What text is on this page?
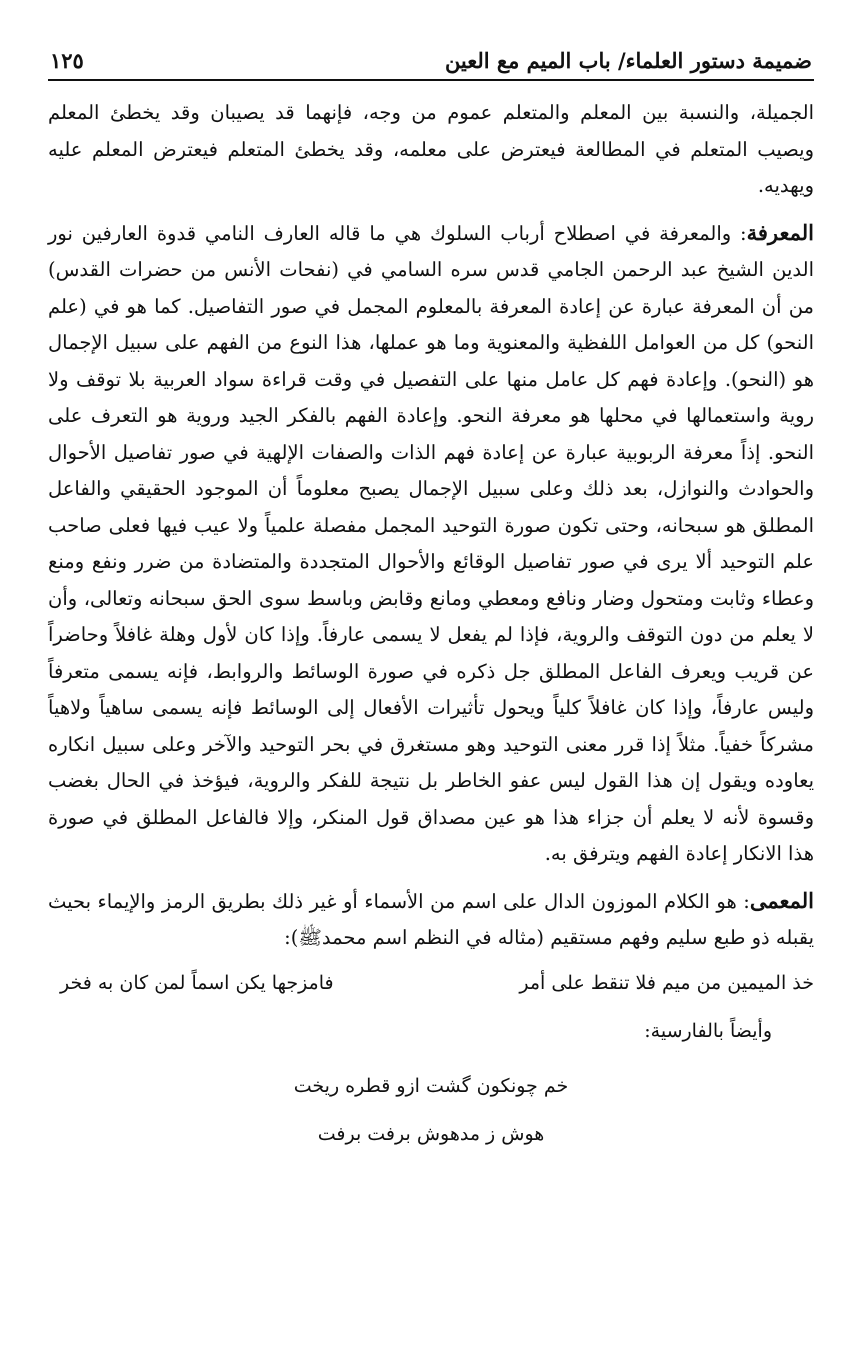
ضميمة دستور العلماء/ باب الميم مع العين
١٢٥

الجميلة، والنسبة بين المعلم والمتعلم عموم من وجه، فإنهما قد يصيبان وقد يخطئ المعلم ويصيب المتعلم في المطالعة فيعترض على معلمه، وقد يخطئ المتعلم فيعترض المعلم عليه ويهديه.

المعرفة: والمعرفة في اصطلاح أرباب السلوك هي ما قاله العارف النامي قدوة العارفين نور الدين الشيخ عبد الرحمن الجامي قدس سره السامي في (نفحات الأنس من حضرات القدس) من أن المعرفة عبارة عن إعادة المعرفة بالمعلوم المجمل في صور التفاصيل. كما هو في (علم النحو) كل من العوامل اللفظية والمعنوية وما هو عملها، هذا النوع من الفهم على سبيل الإجمال هو (النحو). وإعادة فهم كل عامل منها على التفصيل في وقت قراءة سواد العربية بلا توقف ولا روية واستعمالها في محلها هو معرفة النحو. وإعادة الفهم بالفكر الجيد وروية هو التعرف على النحو. إذاً معرفة الربوبية عبارة عن إعادة فهم الذات والصفات الإلهية في صور تفاصيل الأحوال والحوادث والنوازل، بعد ذلك وعلى سبيل الإجمال يصبح معلوماً أن الموجود الحقيقي والفاعل المطلق هو سبحانه، وحتى تكون صورة التوحيد المجمل مفصلة علمياً ولا عيب فيها فعلى صاحب علم التوحيد ألا يرى في صور تفاصيل الوقائع والأحوال المتجددة والمتضادة من ضرر ونفع ومنع وعطاء وثابت ومتحول وضار ونافع ومعطي ومانع وقابض وباسط سوى الحق سبحانه وتعالى، وأن لا يعلم من دون التوقف والروية، فإذا لم يفعل لا يسمى عارفاً. وإذا كان لأول وهلة غافلاً وحاضراً عن قريب ويعرف الفاعل المطلق جل ذكره في صورة الوسائط والروابط، فإنه يسمى متعرفاً وليس عارفاً، وإذا كان غافلاً كلياً ويحول تأثيرات الأفعال إلى الوسائط فإنه يسمى ساهياً ولاهياً مشركاً خفياً. مثلاً إذا قرر معنى التوحيد وهو مستغرق في بحر التوحيد والآخر وعلى سبيل انكاره يعاوده ويقول إن هذا القول ليس عفو الخاطر بل نتيجة للفكر والروية، فيؤخذ في الحال بغضب وقسوة لأنه لا يعلم أن جزاء هذا هو عين مصداق قول المنكر، وإلا فالفاعل المطلق في صورة هذا الانكار إعادة الفهم ويترفق به.

المعمى: هو الكلام الموزون الدال على اسم من الأسماء أو غير ذلك بطريق الرمز والإيماء بحيث يقبله ذو طبع سليم وفهم مستقيم (مثاله في النظم اسم محمدﷺ):

خذ الميمين من ميم فلا تنقط على أمر
فامزجها يكن اسماً لمن كان به فخر
وأيضاً بالفارسية:
خم چونكون گشت ازو قطره ريخت
هوش ز مدهوش برفت برفت
